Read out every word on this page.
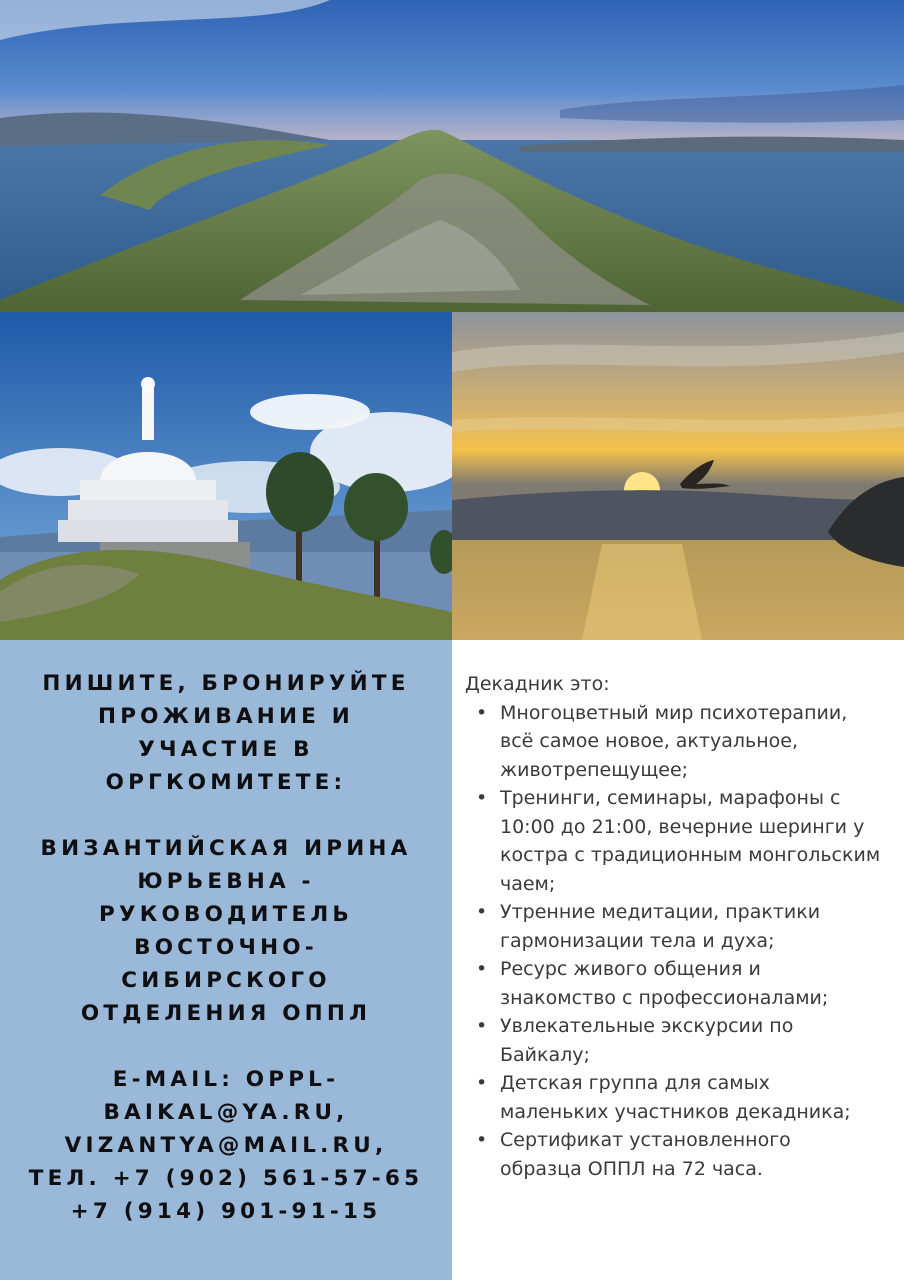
ПИШИТЕ, БРОНИРУЙТЕ
ПРОЖИВАНИЕ И
УЧАСТИЕ В
ОРГКОМИТЕТЕ:
ВИЗАНТИЙСКАЯ ИРИНА
ЮРЬЕВНА -
РУКОВОДИТЕЛЬ
ВОСТОЧНО-
СИБИРСКОГО
ОТДЕЛЕНИЯ ОППЛ
E-MAIL: OPPL-
BAIKAL@YA.RU,
VIZANTYA@MAIL.RU,
ТЕЛ. +7 (902) 561-57-65
+7 (914) 901-91-15
Декадник это:
• Многоцветный мир психотерапии,
всё самое новое, актуальное,
животрепещущее;
• Тренинги, семинары, марафоны с
10:00 до 21:00, вечерние шеринги у
костра с традиционным монгольским
чаем;
• Утренние медитации, практики
гармонизации тела и духа;
• Ресурс живого общения и
знакомство с профессионалами;
• Увлекательные экскурсии по
Байкалу;
• Детская группа для самых
маленьких участников декадника;
• Сертификат установленного
образца ОППЛ на 72 часа.
